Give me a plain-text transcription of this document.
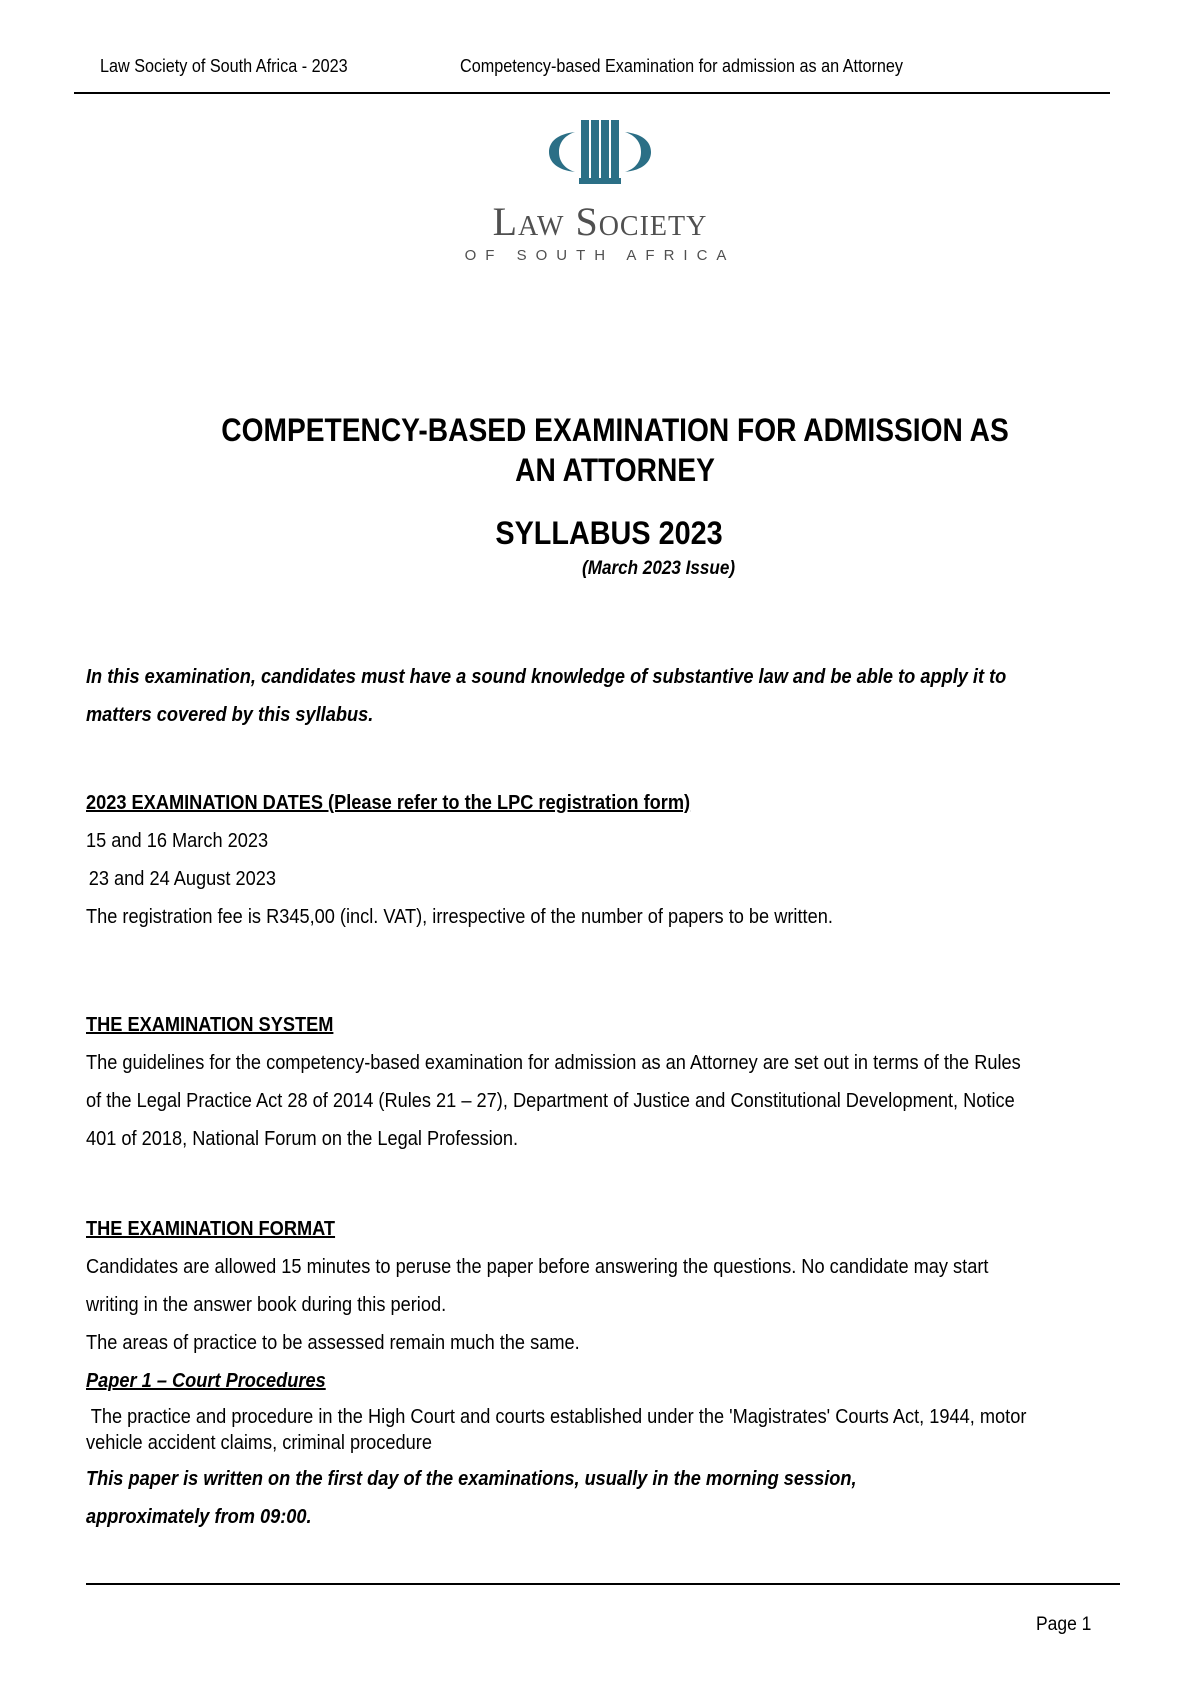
Law Society of South Africa - 2023	Competency-based Examination for admission as an Attorney
Law Society
OF SOUTH AFRICA
COMPETENCY-BASED EXAMINATION FOR ADMISSION AS
AN ATTORNEY
SYLLABUS 2023
(March 2023 Issue)

In this examination, candidates must have a sound knowledge of substantive law and be able to apply it to

matters covered by this syllabus.

2023 EXAMINATION DATES (Please refer to the LPC registration form)

15 and 16 March 2023

23 and 24 August 2023

The registration fee is R345,00 (incl. VAT), irrespective of the number of papers to be written.

THE EXAMINATION SYSTEM

The guidelines for the competency-based examination for admission as an Attorney are set out in terms of the Rules

of the Legal Practice Act 28 of 2014 (Rules 21 – 27), Department of Justice and Constitutional Development, Notice

401 of 2018, National Forum on the Legal Profession.

THE EXAMINATION FORMAT

Candidates are allowed 15 minutes to peruse the paper before answering the questions. No candidate may start

writing in the answer book during this period.

The areas of practice to be assessed remain much the same.

Paper 1 – Court Procedures

The practice and procedure in the High Court and courts established under the 'Magistrates' Courts Act, 1944, motor

vehicle accident claims, criminal procedure

This paper is written on the first day of the examinations, usually in the morning session,

approximately from 09:00.

Page 1
